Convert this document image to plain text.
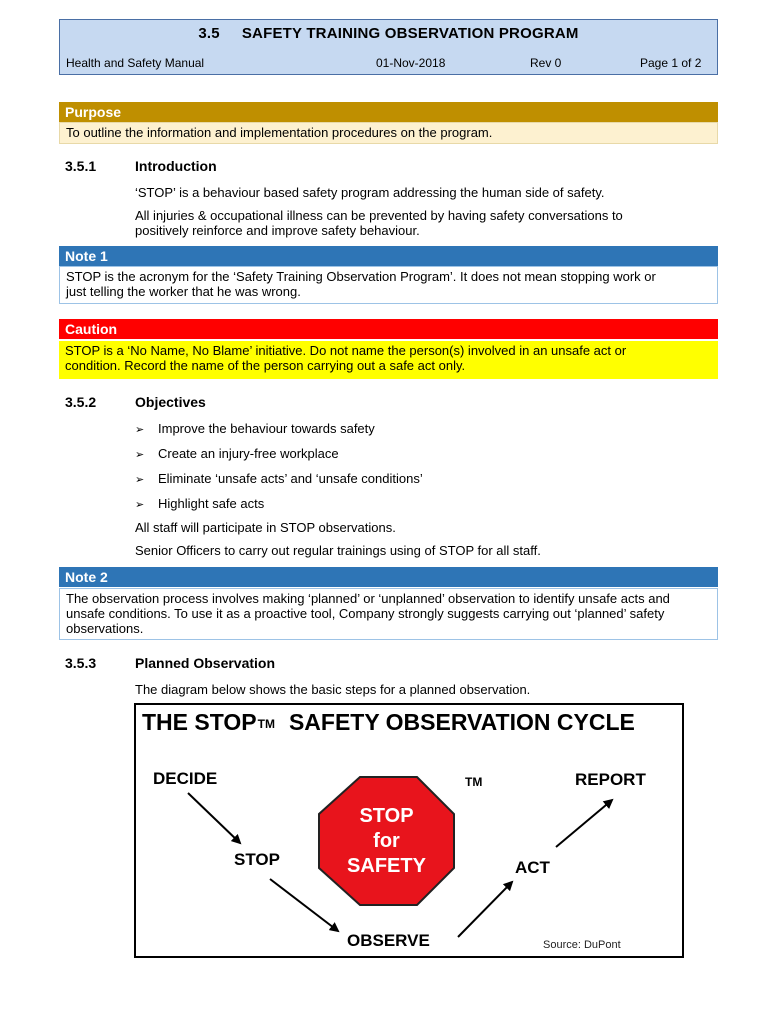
3.5 SAFETY TRAINING OBSERVATION PROGRAM
Health and Safety Manual	01-Nov-2018	Rev 0	Page 1 of 2
Purpose
To outline the information and implementation procedures on the program.
3.5.1	Introduction
‘STOP’ is a behaviour based safety program addressing the human side of safety.
All injuries & occupational illness can be prevented by having safety conversations to
positively reinforce and improve safety behaviour.
Note 1
STOP is the acronym for the ‘Safety Training Observation Program’. It does not mean stopping work or
just telling the worker that he was wrong.
Caution
STOP is a ‘No Name, No Blame’ initiative. Do not name the person(s) involved in an unsafe act or
condition. Record the name of the person carrying out a safe act only.
3.5.2	Objectives
➢ Improve the behaviour towards safety
➢ Create an injury-free workplace
➢ Eliminate ‘unsafe acts’ and ‘unsafe conditions’
➢ Highlight safe acts
All staff will participate in STOP observations.
Senior Officers to carry out regular trainings using of STOP for all staff.
Note 2
The observation process involves making ‘planned’ or ‘unplanned’ observation to identify unsafe acts and
unsafe conditions. To use it as a proactive tool, Company strongly suggests carrying out ‘planned’ safety
observations.
3.5.3	Planned Observation
The diagram below shows the basic steps for a planned observation.
THE STOPTM SAFETY OBSERVATION CYCLE
DECIDE
STOP
OBSERVE
ACT
REPORT
TM
STOP
for
SAFETY
Source: DuPont
